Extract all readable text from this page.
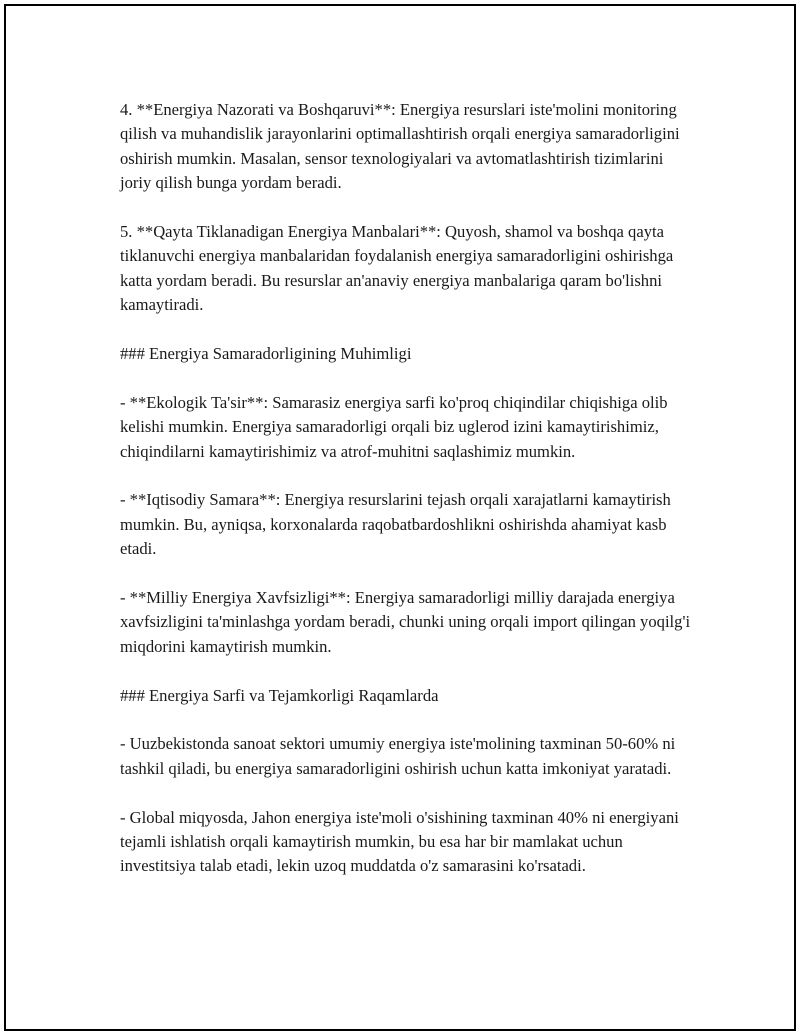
4. **Energiya Nazorati va Boshqaruvi**: Energiya resurslari iste'molini monitoring qilish va muhandislik jarayonlarini optimallashtirish orqali energiya samaradorligini oshirish mumkin. Masalan, sensor texnologiyalari va avtomatlashtirish tizimlarini joriy qilish bunga yordam beradi.

5. **Qayta Tiklanadigan Energiya Manbalari**: Quyosh, shamol va boshqa qayta tiklanuvchi energiya manbalaridan foydalanish energiya samaradorligini oshirishga katta yordam beradi. Bu resurslar an'anaviy energiya manbalariga qaram bo'lishni kamaytiradi.

### Energiya Samaradorligining Muhimligi

- **Ekologik Ta'sir**: Samarasiz energiya sarfi ko'proq chiqindilar chiqishiga olib kelishi mumkin. Energiya samaradorligi orqali biz uglerod izini kamaytirishimiz, chiqindilarni kamaytirishimiz va atrof-muhitni saqlashimiz mumkin.

- **Iqtisodiy Samara**: Energiya resurslarini tejash orqali xarajatlarni kamaytirish mumkin. Bu, ayniqsa, korxonalarda raqobatbardoshlikni oshirishda ahamiyat kasb etadi.

- **Milliy Energiya Xavfsizligi**: Energiya samaradorligi milliy darajada energiya xavfsizligini ta'minlashga yordam beradi, chunki uning orqali import qilingan yoqilg'i miqdorini kamaytirish mumkin.

### Energiya Sarfi va Tejamkorligi Raqamlarda

- Uuzbekistonda sanoat sektori umumiy energiya iste'molining taxminan 50-60% ni tashkil qiladi, bu energiya samaradorligini oshirish uchun katta imkoniyat yaratadi.

- Global miqyosda, Jahon energiya iste'moli o'sishining taxminan 40% ni energiyani tejamli ishlatish orqali kamaytirish mumkin, bu esa har bir mamlakat uchun investitsiya talab etadi, lekin uzoq muddatda o'z samarasini ko'rsatadi.
